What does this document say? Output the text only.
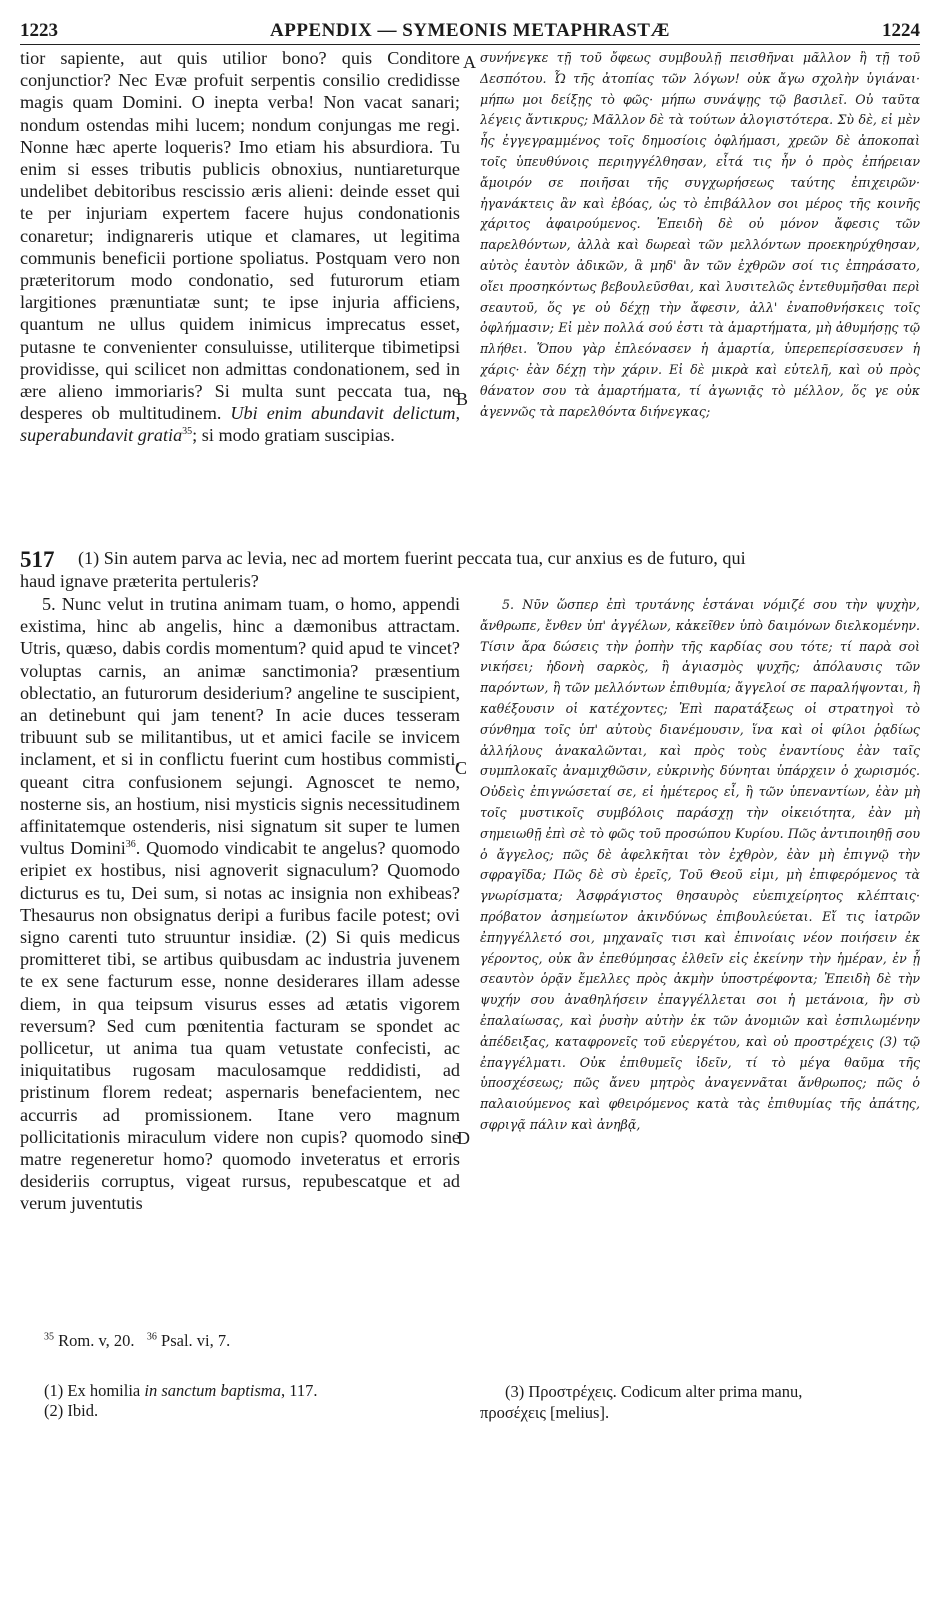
1223	APPENDIX — SYMEONIS METAPHRASTÆ	1224

tior sapiente, aut quis utilior bono? quis Conditore conjunctior? Nec Evæ profuit serpentis consilio credidisse magis quam Domini. O inepta verba! Non vacat sanari; nondum ostendas mihi lucem; nondum conjungas me regi. Nonne hæc aperte loqueris? Imo etiam his absurdiora. Tu enim si esses tributis publicis obnoxius, nuntiareturque undelibet debitoribus rescissio æris alieni: deinde esset qui te per injuriam expertem facere hujus condonationis conaretur; indignareris utique et clamares, ut legitima communis beneficii portione spoliatus. Postquam vero non præteritorum modo condonatio, sed futurorum etiam largitiones prænuntiatæ sunt; te ipse injuria afficiens, quantum ne ullus quidem inimicus imprecatus esset, putasne te convenienter consuluisse, utiliterque tibimetipsi providisse, qui scilicet non admittas condonationem, sed in ære alieno immoriaris? Si multa sunt peccata tua, ne desperes ob multitudinem. Ubi enim abundavit delictum, superabundavit gratia$^{35}$; si modo gratiam suscipias.

συνήνεγκε τῇ τοῦ ὄφεως συμβουλῇ πεισθῆναι μᾶλλον ἢ τῇ τοῦ Δεσπότου. Ὦ τῆς ἀτοπίας τῶν λόγων! οὐκ ἄγω σχολὴν ὑγιάναι· μήπω μοι δείξῃς τὸ φῶς· μήπω συνάψῃς τῷ βασιλεῖ. Οὐ ταῦτα λέγεις ἄντικρυς; Μᾶλλον δὲ τὰ τούτων ἀλογιστότερα. Σὺ δὲ, εἰ μὲν ἧς ἐγγεγραμμένος τοῖς δημοσίοις ὀφλήμασι, χρεῶν δὲ ἀποκοπαὶ τοῖς ὑπευθύνοις περιηγγέλθησαν, εἶτά τις ἦν ὁ πρὸς ἐπήρειαν ἄμοιρόν σε ποιῆσαι τῆς συγχωρήσεως ταύτης ἐπιχειρῶν· ἠγανάκτεις ἂν καὶ ἐβόας, ὡς τὸ ἐπιβάλλον σοι μέρος τῆς κοινῆς χάριτος ἀφαιρούμενος. Ἐπειδὴ δὲ οὐ μόνον ἄφεσις τῶν παρελθόντων, ἀλλὰ καὶ δωρεαὶ τῶν μελλόντων προεκηρύχθησαν, αὐτὸς ἑαυτὸν ἀδικῶν, ἃ μηδ' ἂν τῶν ἐχθρῶν σοί τις ἐπηράσατο, οἴει προσηκόντως βεβουλεῦσθαι, καὶ λυσιτελῶς ἐντεθυμῆσθαι περὶ σεαυτοῦ, ὅς γε οὐ δέχῃ τὴν ἄφεσιν, ἀλλ' ἐναποθνήσκεις τοῖς ὀφλήμασιν; Εἰ μὲν πολλά σού ἐστι τὰ ἁμαρτήματα, μὴ ἀθυμήσῃς τῷ πλήθει. Ὅπου γὰρ ἐπλεόνασεν ἡ ἁμαρτία, ὑπερεπερίσσευσεν ἡ χάρις· ἐὰν δέχῃ τὴν χάριν. Εἰ δὲ μικρὰ καὶ εὐτελῆ, καὶ οὐ πρὸς θάνατον σου τὰ ἁμαρτήματα, τί ἀγωνιᾷς τὸ μέλλον, ὅς γε οὐκ ἀγεννῶς τὰ παρελθόντα διήνεγκας;

A
B
C
D
517 (1) Sin autem parva ac levia, nec ad mortem fuerint peccata tua, cur anxius es de futuro, qui
haud ignave præterita pertuleris?

5. Nunc velut in trutina animam tuam, o homo, appendi existima, hinc ab angelis, hinc a dæmonibus attractam. Utris, quæso, dabis cordis momentum? quid apud te vincet? voluptas carnis, an animæ sanctimonia? præsentium oblectatio, an futurorum desiderium? angeline te suscipient, an detinebunt qui jam tenent? In acie duces tesseram tribuunt sub se militantibus, ut et amici facile se invicem inclament, et si in conflictu fuerint cum hostibus commisti, queant citra confusionem sejungi. Agnoscet te nemo, nosterne sis, an hostium, nisi mysticis signis necessitudinem affinitatemque ostenderis, nisi signatum sit super te lumen vultus Domini$^{36}$. Quomodo vindicabit te angelus? quomodo eripiet ex hostibus, nisi agnoverit signaculum? Quomodo dicturus es tu, Dei sum, si notas ac insignia non exhibeas? Thesaurus non obsignatus deripi a furibus facile potest; ovi signo carenti tuto struuntur insidiæ. (2) Si quis medicus promitteret tibi, se artibus quibusdam ac industria juvenem te ex sene facturum esse, nonne desiderares illam adesse diem, in qua teipsum visurus esses ad ætatis vigorem reversum? Sed cum pœnitentia facturam se spondet ac pollicetur, ut anima tua quam vetustate confecisti, ac iniquitatibus rugosam maculosamque reddidisti, ad pristinum florem redeat; aspernaris benefacientem, nec accurris ad promissionem. Itane vero magnum pollicitationis miraculum videre non cupis? quomodo sine matre regeneretur homo? quomodo inveteratus et erroris desideriis corruptus, vigeat rursus, repubescatque et ad verum juventutis

5. Νῦν ὥσπερ ἐπὶ τρυτάνης ἑστάναι νόμιζέ σου τὴν ψυχὴν, ἄνθρωπε, ἔνθεν ὑπ' ἀγγέλων, κἀκεῖθεν ὑπὸ δαιμόνων διελκομένην. Τίσιν ἄρα δώσεις τὴν ῥοπὴν τῆς καρδίας σου τότε; τί παρὰ σοὶ νικήσει; ἡδονὴ σαρκὸς, ἢ ἁγιασμὸς ψυχῆς; ἀπόλαυσις τῶν παρόντων, ἢ τῶν μελλόντων ἐπιθυμία; ἄγγελοί σε παραλήψονται, ἢ καθέξουσιν οἱ κατέχοντες; Ἐπὶ παρατάξεως οἱ στρατηγοὶ τὸ σύνθημα τοῖς ὑπ' αὐτοὺς διανέμουσιν, ἵνα καὶ οἱ φίλοι ῥᾳδίως ἀλλήλους ἀνακαλῶνται, καὶ πρὸς τοὺς ἐναντίους ἐὰν ταῖς συμπλοκαῖς ἀναμιχθῶσιν, εὐκρινὴς δύνηται ὑπάρχειν ὁ χωρισμός. Οὐδεὶς ἐπιγνώσεταί σε, εἰ ἡμέτερος εἶ, ἢ τῶν ὑπεναντίων, ἐὰν μὴ τοῖς μυστικοῖς συμβόλοις παράσχῃ τὴν οἰκειότητα, ἐὰν μὴ σημειωθῇ ἐπὶ σὲ τὸ φῶς τοῦ προσώπου Κυρίου. Πῶς ἀντιποιηθῇ σου ὁ ἄγγελος; πῶς δὲ ἀφελκῆται τὸν ἐχθρὸν, ἐὰν μὴ ἐπιγνῷ τὴν σφραγῖδα; Πῶς δὲ σὺ ἐρεῖς, Τοῦ Θεοῦ εἰμι, μὴ ἐπιφερόμενος τὰ γνωρίσματα; Ἀσφράγιστος θησαυρὸς εὐεπιχείρητος κλέπταις· πρόβατον ἀσημείωτον ἀκινδύνως ἐπιβουλεύεται. Εἴ τις ἰατρῶν ἐπηγγέλλετό σοι, μηχαναῖς τισι καὶ ἐπινοίαις νέον ποιήσειν ἐκ γέροντος, οὐκ ἂν ἐπεθύμησας ἐλθεῖν εἰς ἐκείνην τὴν ἡμέραν, ἐν ᾗ σεαυτὸν ὁρᾷν ἔμελλες πρὸς ἀκμὴν ὑποστρέφοντα; Ἐπειδὴ δὲ τὴν ψυχήν σου ἀναθηλήσειν ἐπαγγέλλεται σοι ἡ μετάνοια, ἣν σὺ ἐπαλαίωσας, καὶ ῥυσὴν αὐτὴν ἐκ τῶν ἀνομιῶν καὶ ἐσπιλωμένην ἀπέδειξας, καταφρονεῖς τοῦ εὐεργέτου, καὶ οὐ προστρέχεις (3) τῷ ἐπαγγέλματι. Οὐκ ἐπιθυμεῖς ἰδεῖν, τί τὸ μέγα θαῦμα τῆς ὑποσχέσεως; πῶς ἄνευ μητρὸς ἀναγεννᾶται ἄνθρωπος; πῶς ὁ παλαιούμενος καὶ φθειρόμενος κατὰ τὰς ἐπιθυμίας τῆς ἀπάτης, σφριγᾷ πάλιν καὶ ἀνηβᾷ,

$^{35}$ Rom. v, 20. $^{36}$ Psal. vi, 7.
(1) Ex homilia in sanctum baptisma, 117.
(2) Ibid.
(3) Προστρέχεις. Codicum alter prima manu,
προσέχεις [melius].
